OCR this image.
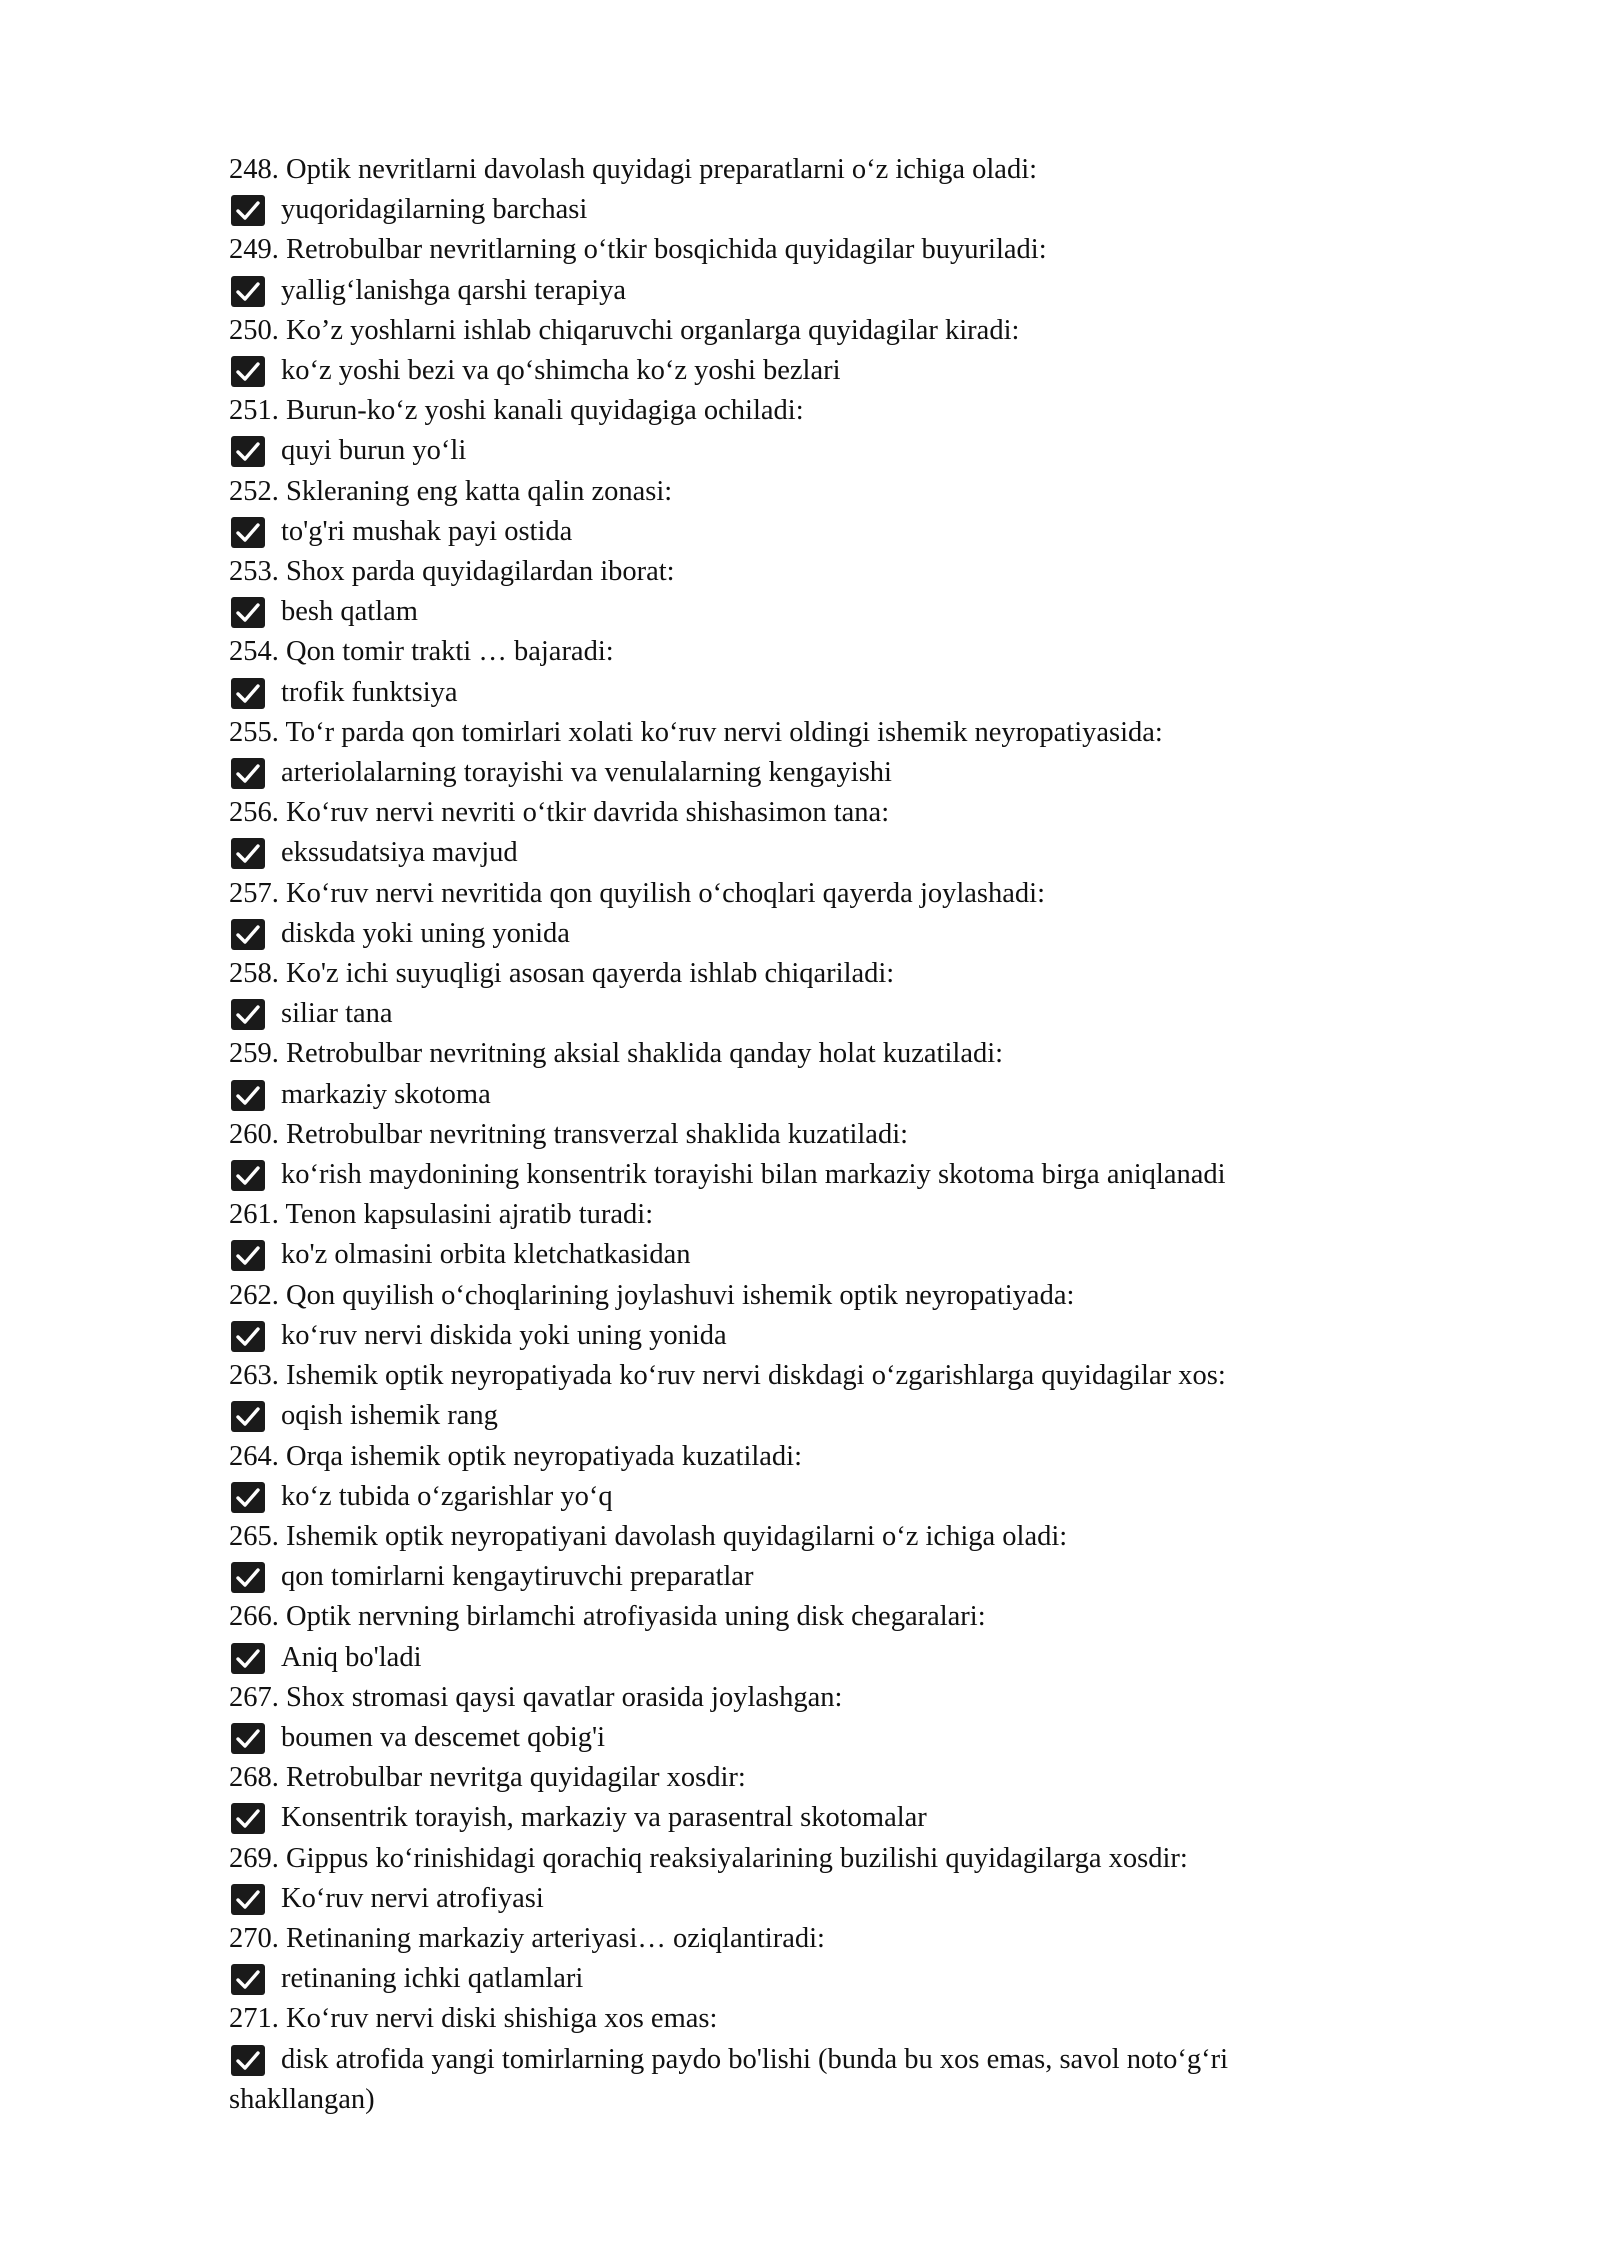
248. Optik nevritlarni davolash quyidagi preparatlarni o‘z ichiga oladi:
yuqoridagilarning barchasi
249. Retrobulbar nevritlarning o‘tkir bosqichida quyidagilar buyuriladi:
yallig‘lanishga qarshi terapiya
250. Ko’z yoshlarni ishlab chiqaruvchi organlarga quyidagilar kiradi:
ko‘z yoshi bezi va qo‘shimcha ko‘z yoshi bezlari
251. Burun-ko‘z yoshi kanali quyidagiga ochiladi:
quyi burun yo‘li
252. Skleraning eng katta qalin zonasi:
to'g'ri mushak payi ostida
253. Shox parda quyidagilardan iborat:
besh qatlam
254. Qon tomir trakti … bajaradi:
trofik funktsiya
255. To‘r parda qon tomirlari xolati ko‘ruv nervi oldingi ishemik neyropatiyasida:
arteriolalarning torayishi va venulalarning kengayishi
256. Ko‘ruv nervi nevriti o‘tkir davrida shishasimon tana:
ekssudatsiya mavjud
257. Ko‘ruv nervi nevritida qon quyilish o‘choqlari qayerda joylashadi:
diskda yoki uning yonida
258. Ko'z ichi suyuqligi asosan qayerda ishlab chiqariladi:
siliar tana
259. Retrobulbar nevritning aksial shaklida qanday holat kuzatiladi:
markaziy skotoma
260. Retrobulbar nevritning transverzal shaklida kuzatiladi:
ko‘rish maydonining konsentrik torayishi bilan markaziy skotoma birga aniqlanadi
261. Tenon kapsulasini ajratib turadi:
ko'z olmasini orbita kletchatkasidan
262. Qon quyilish o‘choqlarining joylashuvi ishemik optik neyropatiyada:
ko‘ruv nervi diskida yoki uning yonida
263. Ishemik optik neyropatiyada ko‘ruv nervi diskdagi o‘zgarishlarga quyidagilar xos:
oqish ishemik rang
264. Orqa ishemik optik neyropatiyada kuzatiladi:
ko‘z tubida o‘zgarishlar yo‘q
265. Ishemik optik neyropatiyani davolash quyidagilarni o‘z ichiga oladi:
qon tomirlarni kengaytiruvchi preparatlar
266. Optik nervning birlamchi atrofiyasida uning disk chegaralari:
Aniq bo'ladi
267. Shox stromasi qaysi qavatlar orasida joylashgan:
boumen va descemet qobig'i
268. Retrobulbar nevritga quyidagilar xosdir:
Konsentrik torayish, markaziy va parasentral skotomalar
269. Gippus ko‘rinishidagi qorachiq reaksiyalarining buzilishi quyidagilarga xosdir:
Ko‘ruv nervi atrofiyasi
270. Retinaning markaziy arteriyasi… oziqlantiradi:
retinaning ichki qatlamlari
271. Ko‘ruv nervi diski shishiga xos emas:
disk atrofida yangi tomirlarning paydo bo'lishi (bunda bu xos emas, savol noto‘g‘ri shakllangan)
